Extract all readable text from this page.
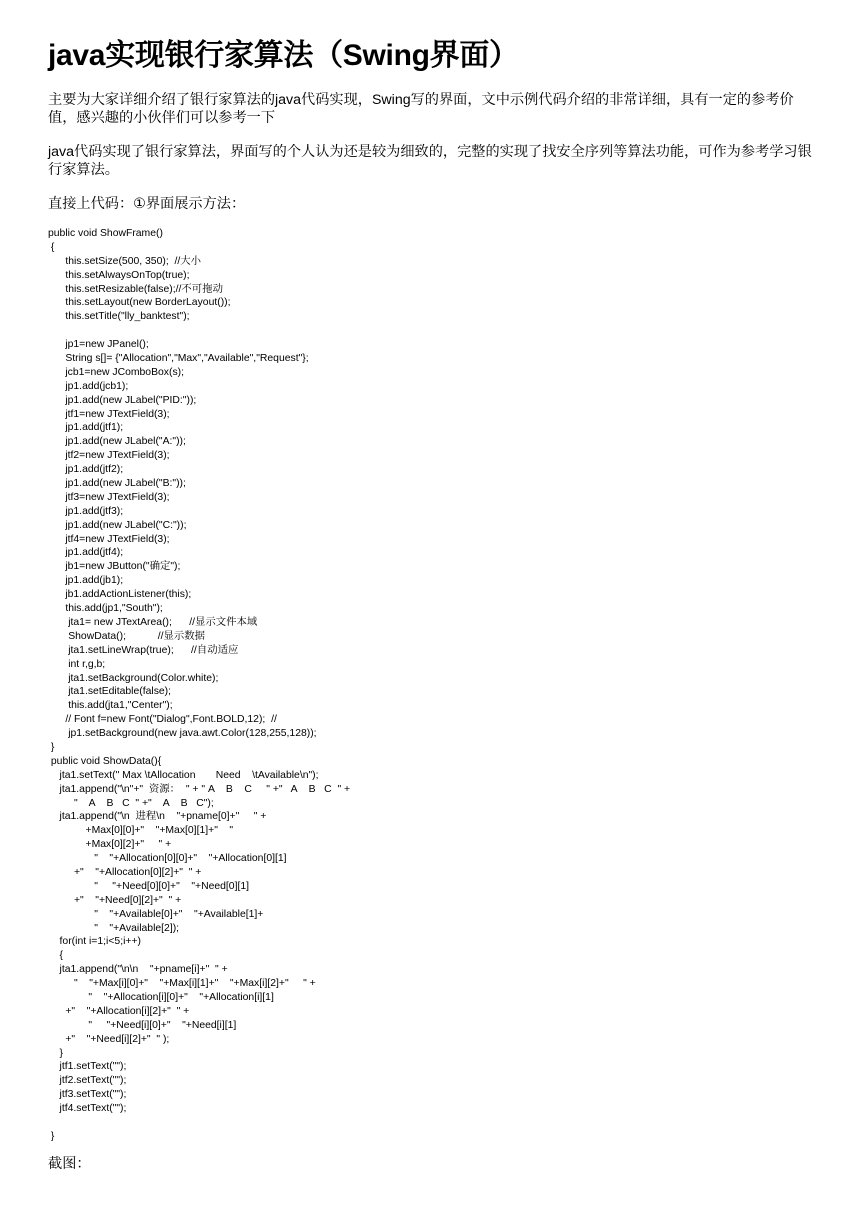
java实现银行家算法（Swing界面）

主要为大家详细介绍了银行家算法的java代码实现，Swing写的界面，文中示例代码介绍的非常详细，具有一定的参考价值，感兴趣的小伙伴们可以参考一下

java代码实现了银行家算法，界面写的个人认为还是较为细致的，完整的实现了找安全序列等算法功能，可作为参考学习银行家算法。

直接上代码：①界面展示方法：

public void ShowFrame()
{
this.setSize(500, 350);  //大小
this.setAlwaysOnTop(true);
this.setResizable(false);//不可拖动
this.setLayout(new BorderLayout());
this.setTitle("lly_banktest");
jp1=new JPanel();
String s[]= {"Allocation","Max","Available","Request"};
jcb1=new JComboBox(s);
jp1.add(jcb1);
jp1.add(new JLabel("PID:"));
jtf1=new JTextField(3);
jp1.add(jtf1);
jp1.add(new JLabel("A:"));
jtf2=new JTextField(3);
jp1.add(jtf2);
jp1.add(new JLabel("B:"));
jtf3=new JTextField(3);
jp1.add(jtf3);
jp1.add(new JLabel("C:"));
jtf4=new JTextField(3);
jp1.add(jtf4);
jb1=new JButton("确定");
jp1.add(jb1);
jb1.addActionListener(this);
this.add(jp1,"South");
jta1= new JTextArea();      //显示文件本域
ShowData();           //显示数据
jta1.setLineWrap(true);      //自动适应
int r,g,b;
jta1.setBackground(Color.white);
jta1.setEditable(false);
this.add(jta1,"Center");
// Font f=new Font("Dialog",Font.BOLD,12);  //
jp1.setBackground(new java.awt.Color(128,255,128));
}
public void ShowData(){
jta1.setText(" Max \tAllocation       Need    \tAvailable\n");
jta1.append("\n"+"  资源：  " + " A    B    C     " +"   A    B   C  " +
"    A    B   C  " +"    A    B   C");
jta1.append("\n  进程\n    "+pname[0]+"     " +
+Max[0][0]+"    "+Max[0][1]+"    "
+Max[0][2]+"     " +
"    "+Allocation[0][0]+"    "+Allocation[0][1]
+"    "+Allocation[0][2]+"  " +
"     "+Need[0][0]+"    "+Need[0][1]
+"    "+Need[0][2]+"  " +
"    "+Available[0]+"    "+Available[1]+
"    "+Available[2]);
for(int i=1;i<5;i++)
{
jta1.append("\n\n    "+pname[i]+"  " +
"    "+Max[i][0]+"    "+Max[i][1]+"    "+Max[i][2]+"     " +
"    "+Allocation[i][0]+"    "+Allocation[i][1]
+"    "+Allocation[i][2]+"  " +
"     "+Need[i][0]+"    "+Need[i][1]
+"    "+Need[i][2]+"  " );
}
jtf1.setText("");
jtf2.setText("");
jtf3.setText("");
jtf4.setText("");
}

截图：
